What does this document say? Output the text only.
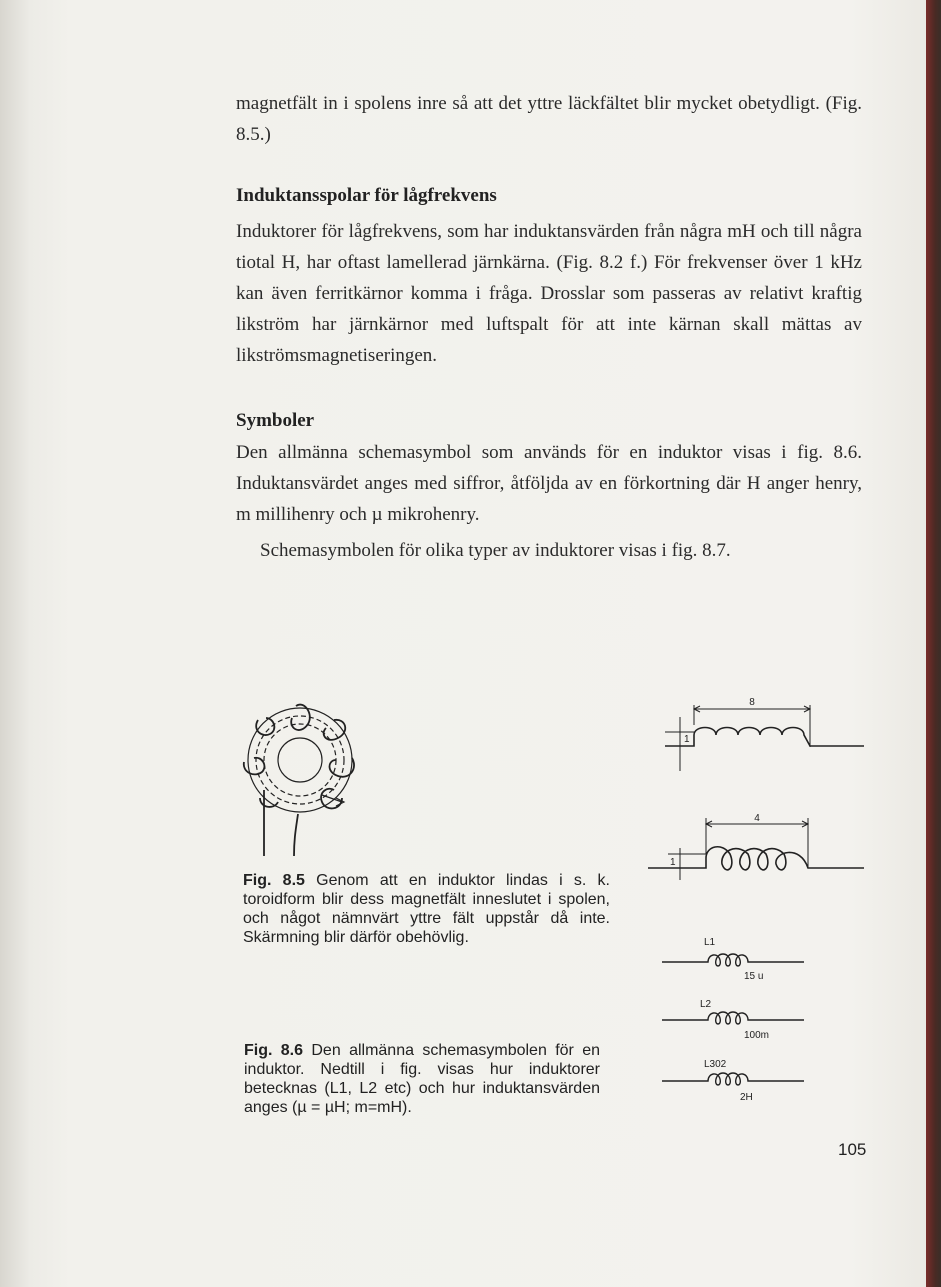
magnetfält in i spolens inre så att det yttre läckfältet blir mycket obetydligt. (Fig. 8.5.)

Induktansspolar för lågfrekvens

Induktorer för lågfrekvens, som har induktansvärden från några mH och till några tiotal H, har oftast lamellerad järnkärna. (Fig. 8.2 f.) För frekvenser över 1 kHz kan även ferritkärnor komma i fråga. Drosslar som passeras av relativt kraftig likström har järnkärnor med luftspalt för att inte kärnan skall mättas av likströmsmagnetiseringen.

Symboler

Den allmänna schemasymbol som används för en induktor visas i fig. 8.6. Induktansvärdet anges med siffror, åtföljda av en förkortning där H anger henry, m millihenry och µ mikrohenry.

Schemasymbolen för olika typer av induktorer visas i fig. 8.7.

Fig. 8.5 Genom att en induktor lindas i s. k. toroidform blir dess magnetfält inneslutet i spolen, och något nämnvärt yttre fält uppstår då inte. Skärmning blir därför obehövlig.

Fig. 8.6 Den allmänna schemasymbolen för en induktor. Nedtill i fig. visas hur induktorer betecknas (L1, L2 etc) och hur induktansvärden anges (µ = µH; m=mH).

8
1
4
1
L1
15 u
L2
100m
L302
2H
105
